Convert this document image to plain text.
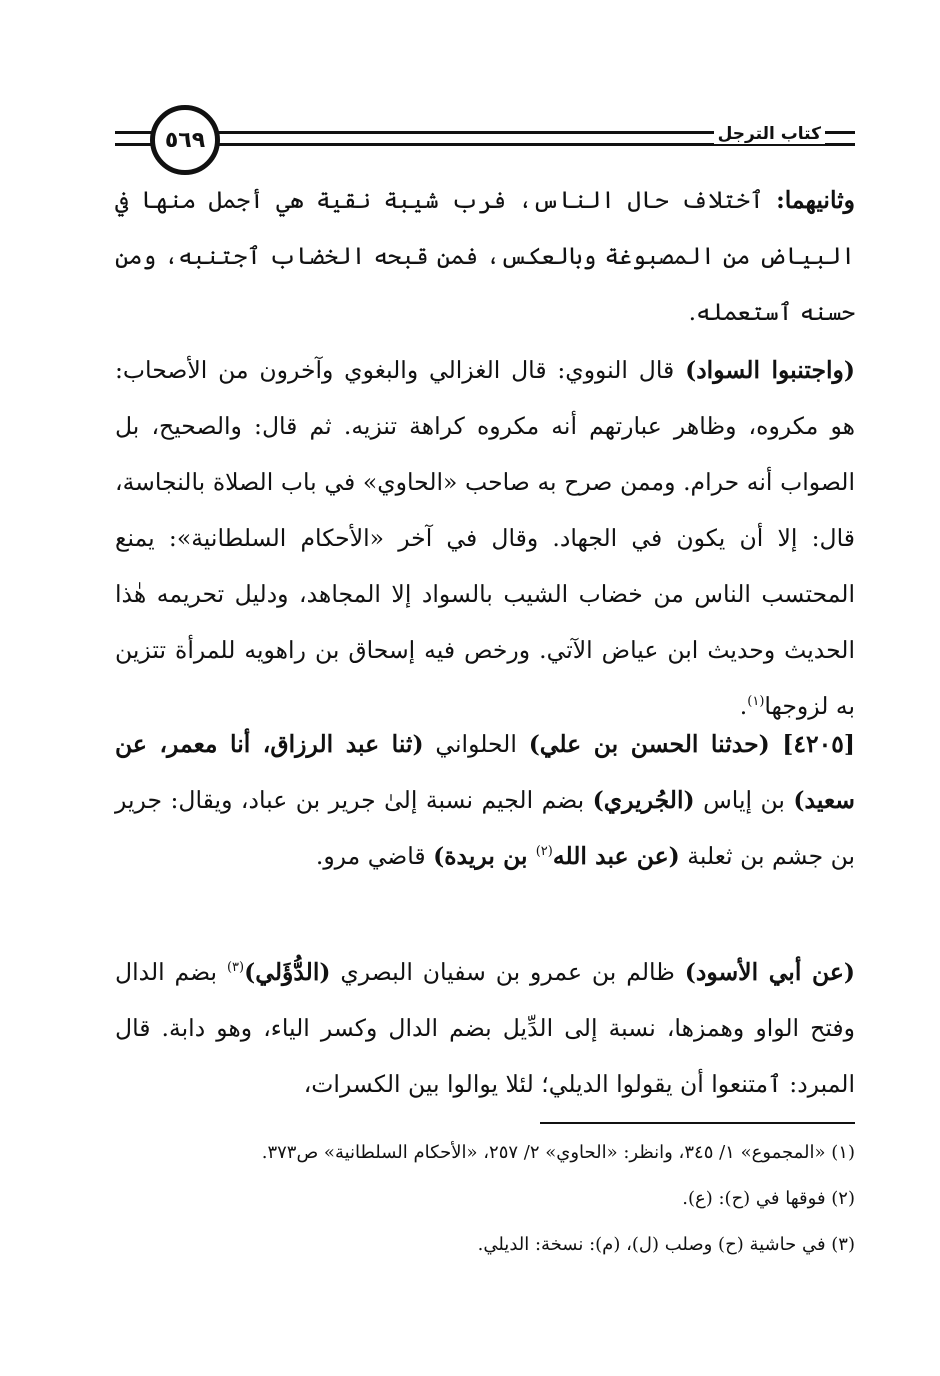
كتاب الترجل
٥٦٩

وثانيهما: ٱختلاف حال الناس، فرب شيبة نقية هي أجمل منها في البياض من المصبوغة وبالعكس، فمن قبحه الخضاب ٱجتنبه، ومن حسنه ٱستعمله.

(واجتنبوا السواد) قال النووي: قال الغزالي والبغوي وآخرون من الأصحاب: هو مكروه، وظاهر عبارتهم أنه مكروه كراهة تنزيه. ثم قال: والصحيح، بل الصواب أنه حرام. وممن صرح به صاحب «الحاوي» في باب الصلاة بالنجاسة، قال: إلا أن يكون في الجهاد. وقال في آخر «الأحكام السلطانية»: يمنع المحتسب الناس من خضاب الشيب بالسواد إلا المجاهد، ودليل تحريمه هٰذا الحديث وحديث ابن عياض الآتي. ورخص فيه إسحاق بن راهويه للمرأة تتزين به لزوجها$^{(١)}$.

[٤٢٠٥] (حدثنا الحسن بن علي) الحلواني (ثنا عبد الرزاق، أنا معمر، عن سعيد) بن إياس (الجُريري) بضم الجيم نسبة إلىٰ جرير بن عباد، ويقال: جرير بن جشم بن ثعلبة (عن عبد الله$^{(٢)}$ بن بريدة) قاضي مرو.

(عن أبي الأسود) ظالم بن عمرو بن سفيان البصري (الدُّؤَلي)$^{(٣)}$ بضم الدال وفتح الواو وهمزها، نسبة إلى الدِّيل بضم الدال وكسر الياء، وهو دابة. قال المبرد: ٱمتنعوا أن يقولوا الديلي؛ لئلا يوالوا بين الكسرات،

(١) «المجموع» ١/ ٣٤٥، وانظر: «الحاوي» ٢/ ٢٥٧، «الأحكام السلطانية» ص٣٧٣.
(٢) فوقها في (ح): (ع).
(٣) في حاشية (ح) وصلب (ل)، (م): نسخة: الديلي.
